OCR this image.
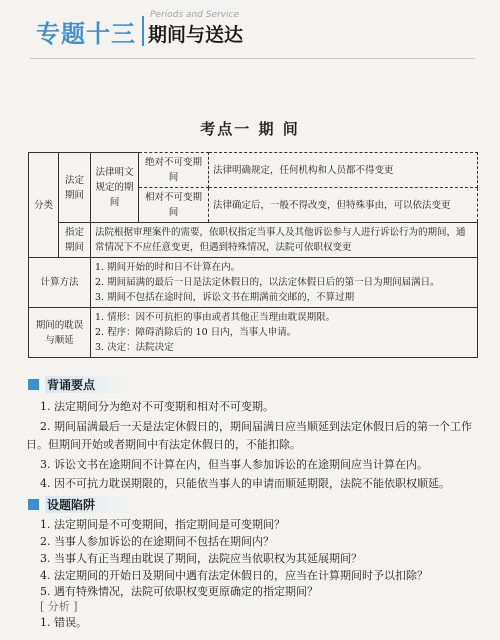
专题十三
Periods and Service
期间与送达
考点一 期 间
分类	法定期间	法律明文规定的期间	绝对不可变期间	法律明确规定，任何机构和人员都不得变更
			相对不可变期间	法律确定后，一般不得改变，但特殊事由，可以依法变更
	指定期间	法院根据审理案件的需要，依职权指定当事人及其他诉讼参与人进行诉讼行为的期间，通常情况下不应任意变更，但遇到特殊情况，法院可依职权变更		
计算方法		1. 期间开始的时和日不计算在内。
2. 期间届满的最后一日是法定休假日的，以法定休假日后的第一日为期间届满日。
3. 期间不包括在途时间，诉讼文书在期满前交邮的，不算过期		

期间的耽误与顺延		1. 情形：因不可抗拒的事由或者其他正当理由耽误期限。
2. 程序：障碍消除后的 10 日内，当事人申请。
3. 决定：法院决定		
背诵要点
1. 法定期间分为绝对不可变期和相对不可变期。
2. 期间届满最后一天是法定休假日的，期间届满日应当顺延到法定休假日后的第一个工作日。但期间开始或者期间中有法定休假日的，不能扣除。
3. 诉讼文书在途期间不计算在内，但当事人参加诉讼的在途期间应当计算在内。
4. 因不可抗力耽误期限的，只能依当事人的申请而顺延期限，法院不能依职权顺延。
设题陷阱
1. 法定期间是不可变期间，指定期间是可变期间？
2. 当事人参加诉讼的在途期间不包括在期间内？
3. 当事人有正当理由耽误了期间，法院应当依职权为其延展期间？
4. 法定期间的开始日及期间中遇有法定休假日的，应当在计算期间时予以扣除？
5. 遇有特殊情况，法院可依职权变更原确定的指定期间？
[ 分析 ]
1. 错误。
